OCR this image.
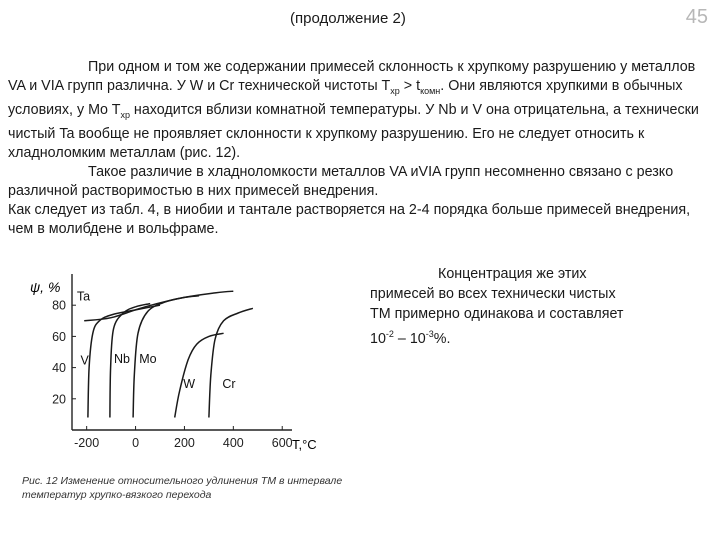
(продолжение 2)	45

При одном и том же содержании примесей склонность к хрупкому разрушению у металлов VA и VIA групп различна. У W и Cr технической чистоты $T_{хр} > t_{комн}$. Они являются хрупкими в обычных условиях, у Mo $T_{хр}$ находится вблизи комнатной температуры. У Nb и V она отрицательна, а технически чистый Ta вообще не проявляет склонности к хрупкому разрушению. Его не следует относить к хладноломким металлам (рис. 12).

Такое различие в хладноломкости металлов VA иVIA групп несомненно связано с резко различной растворимостью в них примесей внедрения.

Как следует из табл. 4, в ниобии и тантале растворяется на 2-4 порядка больше примесей внедрения, чем в молибдене и вольфраме.

-200	0	200 400 600
20
40
60
80
Ta
V Nb Mo
W Cr
ψ, %
T,°C
Рис. 12 Изменение относительного удлинения ТМ в интервале температур хрупко-вязкого перехода
Концентрация же этих
примесей во всех технически чистых
ТМ примерно одинакова и составляет
$10^{-2} - 10^{-3}\%$.
